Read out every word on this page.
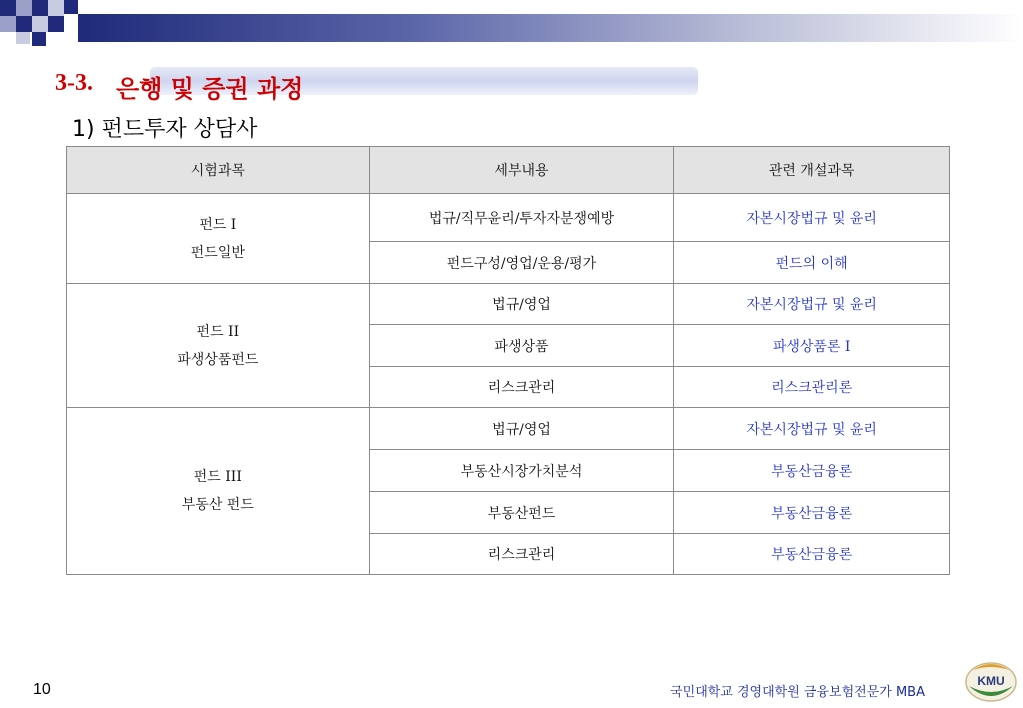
3-3. 은행 및 증권 과정
1) 펀드투자 상담사
시험과목	세부내용	관련 개설과목

펀드 I
펀드일반	법규/직무윤리/투자자분쟁예방	자본시장법규 및 윤리
	펀드구성/영업/운용/평가	펀드의 이해

펀드 II
파생상품펀드	법규/영업	자본시장법규 및 윤리
	파생상품	파생상품론 I
	리스크관리	리스크관리론

펀드 III
부동산 펀드	법규/영업	자본시장법규 및 윤리
	부동산시장가치분석	부동산금융론
	부동산펀드	부동산금융론
	리스크관리	부동산금융론
10	국민대학교 경영대학원 금융보험전문가 MBA
KMU
